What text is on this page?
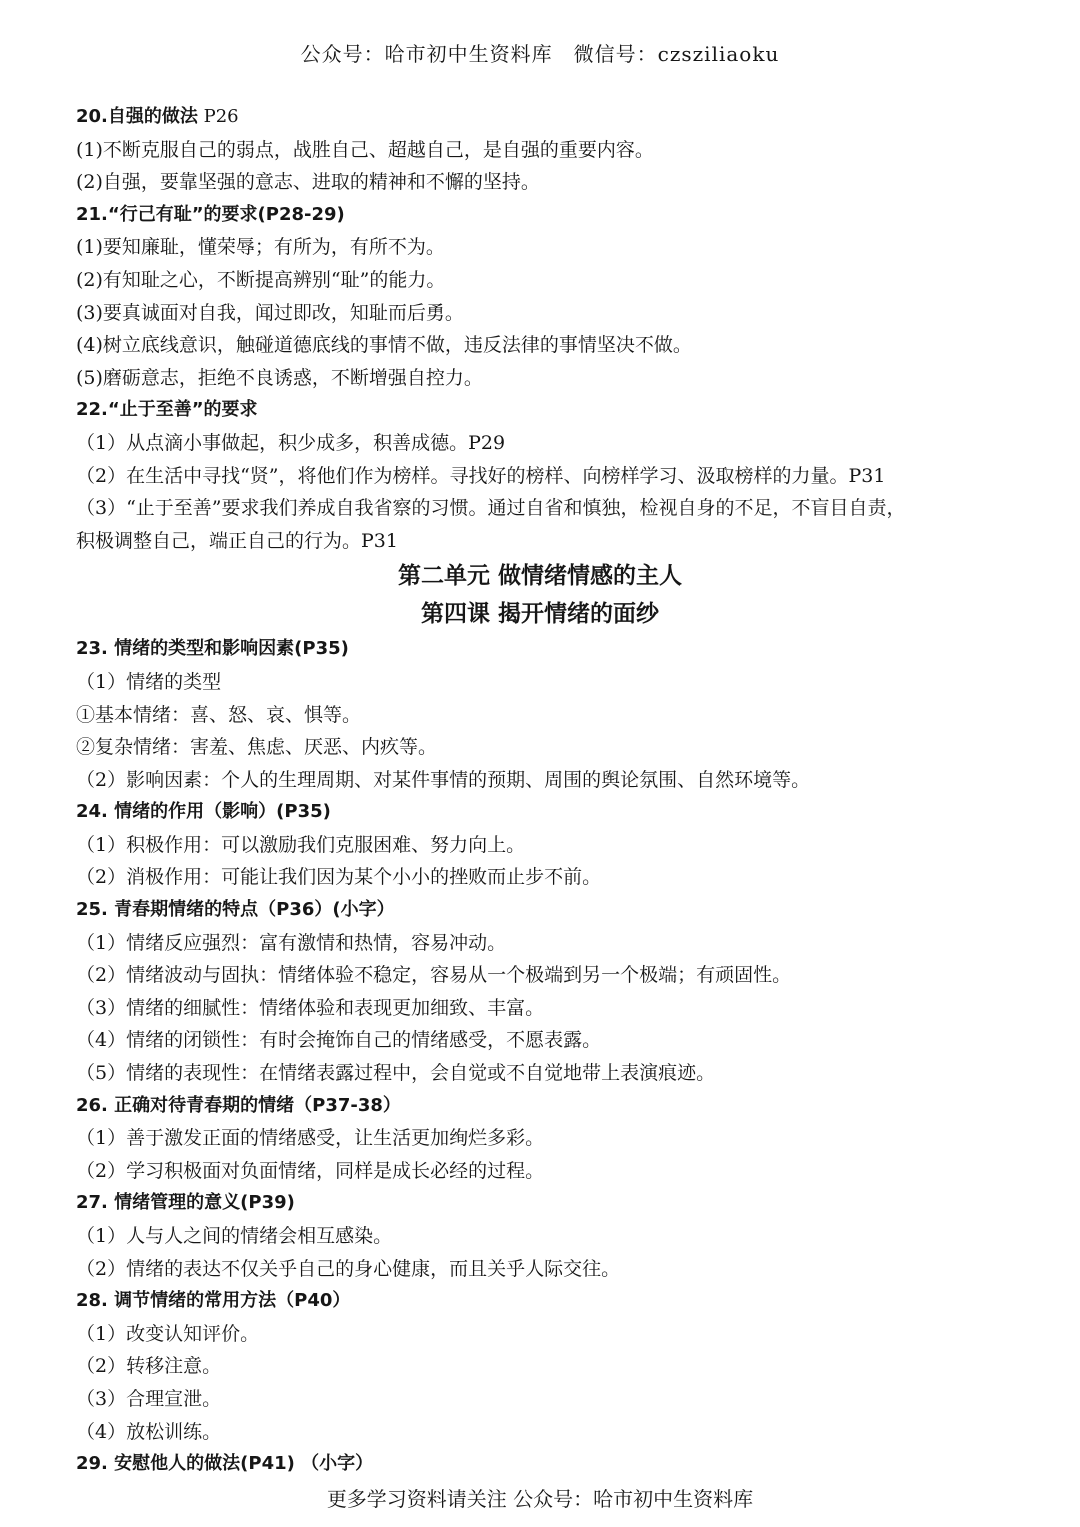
公众号：哈市初中生资料库　微信号：czsziliaoku
20.自强的做法 P26
(1)不断克服自己的弱点，战胜自己、超越自己，是自强的重要内容。
(2)自强，要靠坚强的意志、进取的精神和不懈的坚持。
21.“行己有耻”的要求(P28-29)
(1)要知廉耻，懂荣辱；有所为，有所不为。
(2)有知耻之心，不断提高辨别“耻”的能力。
(3)要真诚面对自我，闻过即改，知耻而后勇。
(4)树立底线意识，触碰道德底线的事情不做，违反法律的事情坚决不做。
(5)磨砺意志，拒绝不良诱惑，不断增强自控力。
22.“止于至善”的要求
（1）从点滴小事做起，积少成多，积善成德。P29
（2）在生活中寻找“贤”，将他们作为榜样。寻找好的榜样、向榜样学习、汲取榜样的力量。P31
（3）“止于至善”要求我们养成自我省察的习惯。通过自省和慎独，检视自身的不足，不盲目自责，
积极调整自己，端正自己的行为。P31
第二单元 做情绪情感的主人
第四课 揭开情绪的面纱
23. 情绪的类型和影响因素(P35)
（1）情绪的类型
①基本情绪：喜、怒、哀、惧等。
②复杂情绪：害羞、焦虑、厌恶、内疚等。
（2）影响因素：个人的生理周期、对某件事情的预期、周围的舆论氛围、自然环境等。
24. 情绪的作用（影响）(P35)
（1）积极作用：可以激励我们克服困难、努力向上。
（2）消极作用：可能让我们因为某个小小的挫败而止步不前。
25. 青春期情绪的特点（P36）(小字）
（1）情绪反应强烈：富有激情和热情，容易冲动。
（2）情绪波动与固执：情绪体验不稳定，容易从一个极端到另一个极端；有顽固性。
（3）情绪的细腻性：情绪体验和表现更加细致、丰富。
（4）情绪的闭锁性：有时会掩饰自己的情绪感受，不愿表露。
（5）情绪的表现性：在情绪表露过程中，会自觉或不自觉地带上表演痕迹。
26. 正确对待青春期的情绪（P37-38）
（1）善于激发正面的情绪感受，让生活更加绚烂多彩。
（2）学习积极面对负面情绪，同样是成长必经的过程。
27. 情绪管理的意义(P39)
（1）人与人之间的情绪会相互感染。
（2）情绪的表达不仅关乎自己的身心健康，而且关乎人际交往。
28. 调节情绪的常用方法（P40）
（1）改变认知评价。
（2）转移注意。
（3）合理宣泄。
（4）放松训练。
29. 安慰他人的做法(P41) （小字）
更多学习资料请关注 公众号：哈市初中生资料库
